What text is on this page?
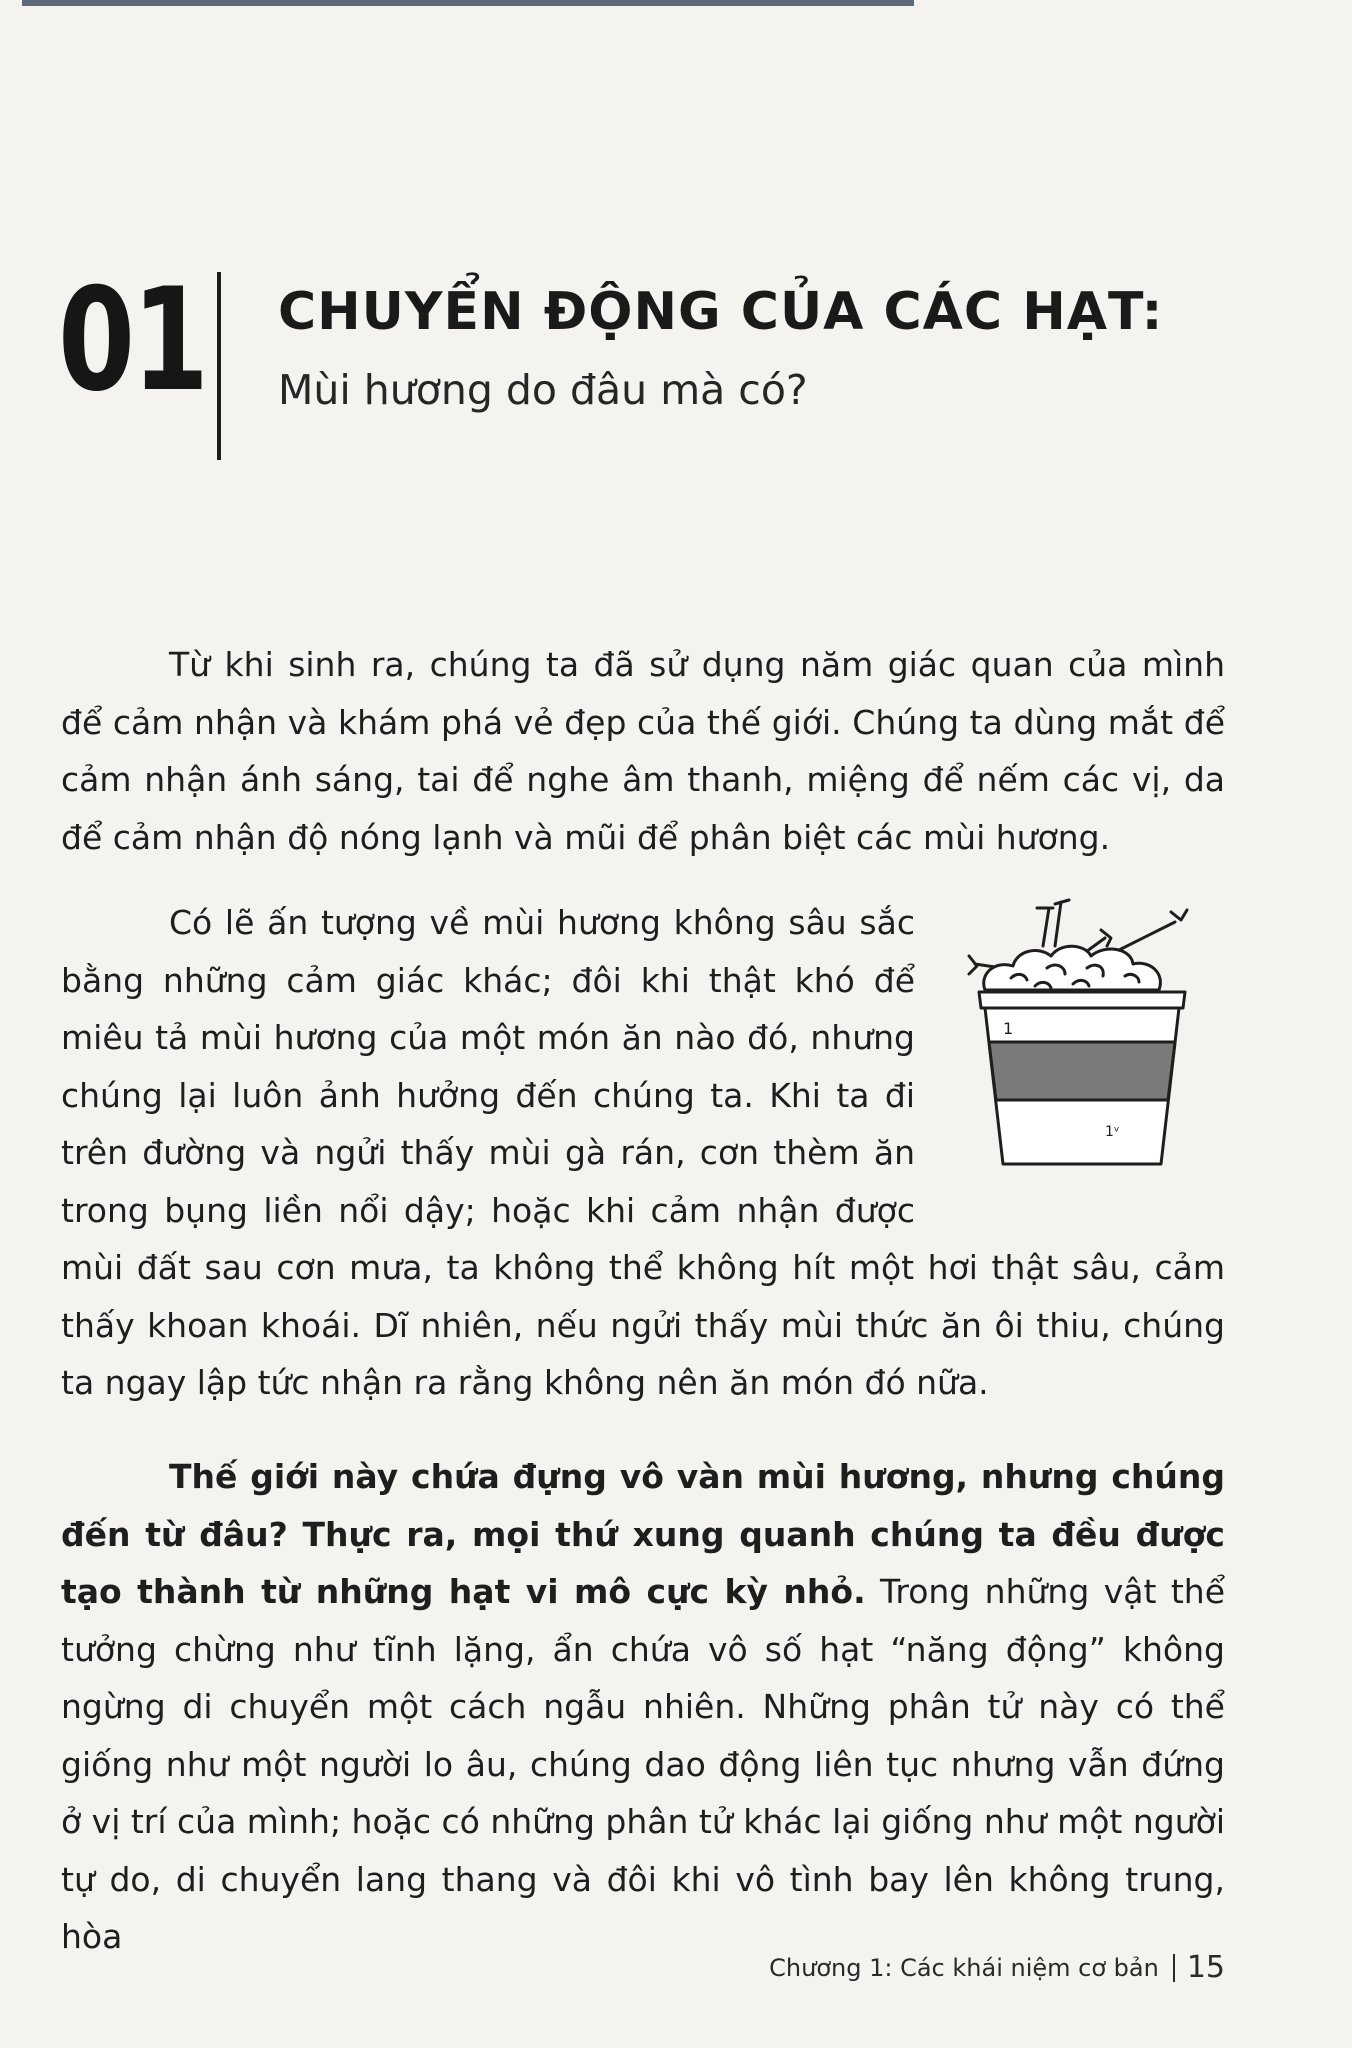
01 CHUYỂN ĐỘNG CỦA CÁC HẠT:
Mùi hương do đâu mà có?

Từ khi sinh ra, chúng ta đã sử dụng năm giác quan của mình để cảm nhận và khám phá vẻ đẹp của thế giới. Chúng ta dùng mắt để cảm nhận ánh sáng, tai để nghe âm thanh, miệng để nếm các vị, da để cảm nhận độ nóng lạnh và mũi để phân biệt các mùi hương.

1
1ᵛ
Có lẽ ấn tượng về mùi hương không sâu sắc bằng những cảm giác khác; đôi khi thật khó để miêu tả mùi hương của một món ăn nào đó, nhưng chúng lại luôn ảnh hưởng đến chúng ta. Khi ta đi trên đường và ngửi thấy mùi gà rán, cơn thèm ăn trong bụng liền nổi dậy; hoặc khi cảm nhận được mùi đất sau cơn mưa, ta không thể không hít một hơi thật sâu, cảm thấy khoan khoái. Dĩ nhiên, nếu ngửi thấy mùi thức ăn ôi thiu, chúng ta ngay lập tức nhận ra rằng không nên ăn món đó nữa.

Thế giới này chứa đựng vô vàn mùi hương, nhưng chúng đến từ đâu? Thực ra, mọi thứ xung quanh chúng ta đều được tạo thành từ những hạt vi mô cực kỳ nhỏ. Trong những vật thể tưởng chừng như tĩnh lặng, ẩn chứa vô số hạt “năng động” không ngừng di chuyển một cách ngẫu nhiên. Những phân tử này có thể giống như một người lo âu, chúng dao động liên tục nhưng vẫn đứng ở vị trí của mình; hoặc có những phân tử khác lại giống như một người tự do, di chuyển lang thang và đôi khi vô tình bay lên không trung, hòa

Chương 1: Các khái niệm cơ bản 15
